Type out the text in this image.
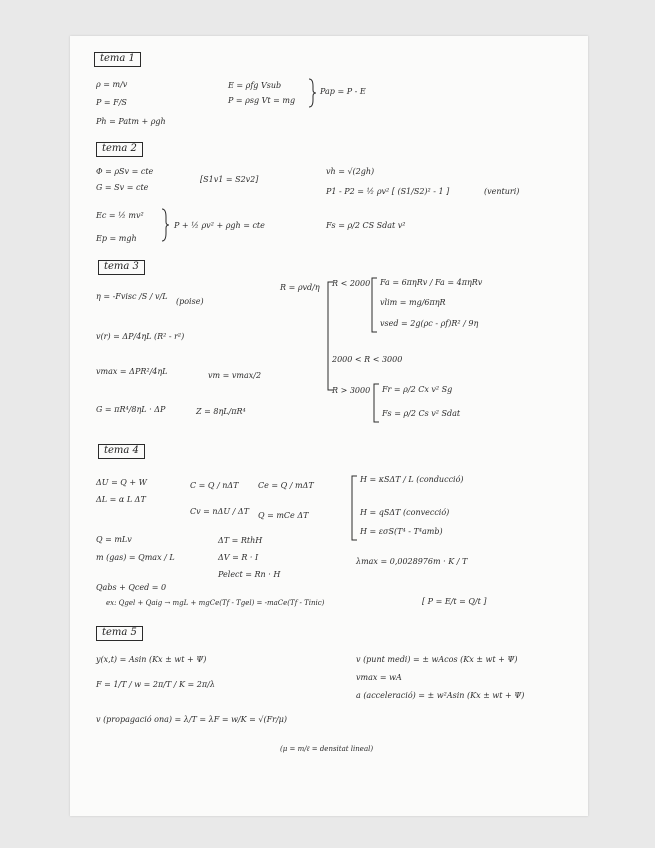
tema 1
ρ = m/v
P = F/S
Ph = Patm + ρgh
E = ρfg Vsub
P = ρsg Vt = mg
Pap = P - E
tema 2
Φ = ρSv = cte
G = Sv = cte
[S1v1 = S2v2]
vh = √(2gh)
P1 - P2 = ½ ρv² [ (S1/S2)² - 1 ]	(venturi)
Ec = ½ mv²
Ep = mgh
P + ½ ρv² + ρgh = cte	Fs = ρ/2 CS Sdat v²
tema 3
η = -Fvisc /S / v/L
(poise)
v(r) = ΔP/4ηL (R² - r²)
vmax = ΔPR²/4ηL	vm = vmax/2
G = πR⁴/8ηL · ΔP	Z = 8ηL/πR⁴
R = ρvd/η R < 2000 Fa = 6πηRv / Fa = 4πηRv
vlim = mg/6πηR
vsed = 2g(ρc - ρf)R² / 9η
2000 < R < 3000
R > 3000 Fr = ρ/2 Cx v² Sg
Fs = ρ/2 Cs v² Sdat
tema 4
ΔU = Q + W
ΔL = α L ΔT
C = Q / nΔT Ce = Q / mΔT
Cv = nΔU / ΔT Q = mCe ΔT
H = κSΔT / L (conducció)
H = qSΔT (convecció)
H = εσS(T⁴ - T⁴amb)
Q = mLv
m (gas) = Qmax / L
ΔT = RthH
ΔV = R · I
Pelect = Rn · H
λmax = 0,0028976m · K / T
Qabs + Qced = 0
ex: Qgel + Qaig → mgL + mgCe(Tf - Tgel) = -maCe(Tf - Tinic)	[ P = E/t = Q/t ]
tema 5
y(x,t) = Asin (Kx ± wt + Ψ)
F = 1/T / w = 2π/T / K = 2π/λ
v (propagació ona) = λ/T = λF = w/K = √(Fr/μ)
(μ = m/ℓ = densitat lineal)
v (punt medi) = ± wAcos (Kx ± wt + Ψ)
vmax = wA
a (acceleració) = ± w²Asin (Kx ± wt + Ψ)
